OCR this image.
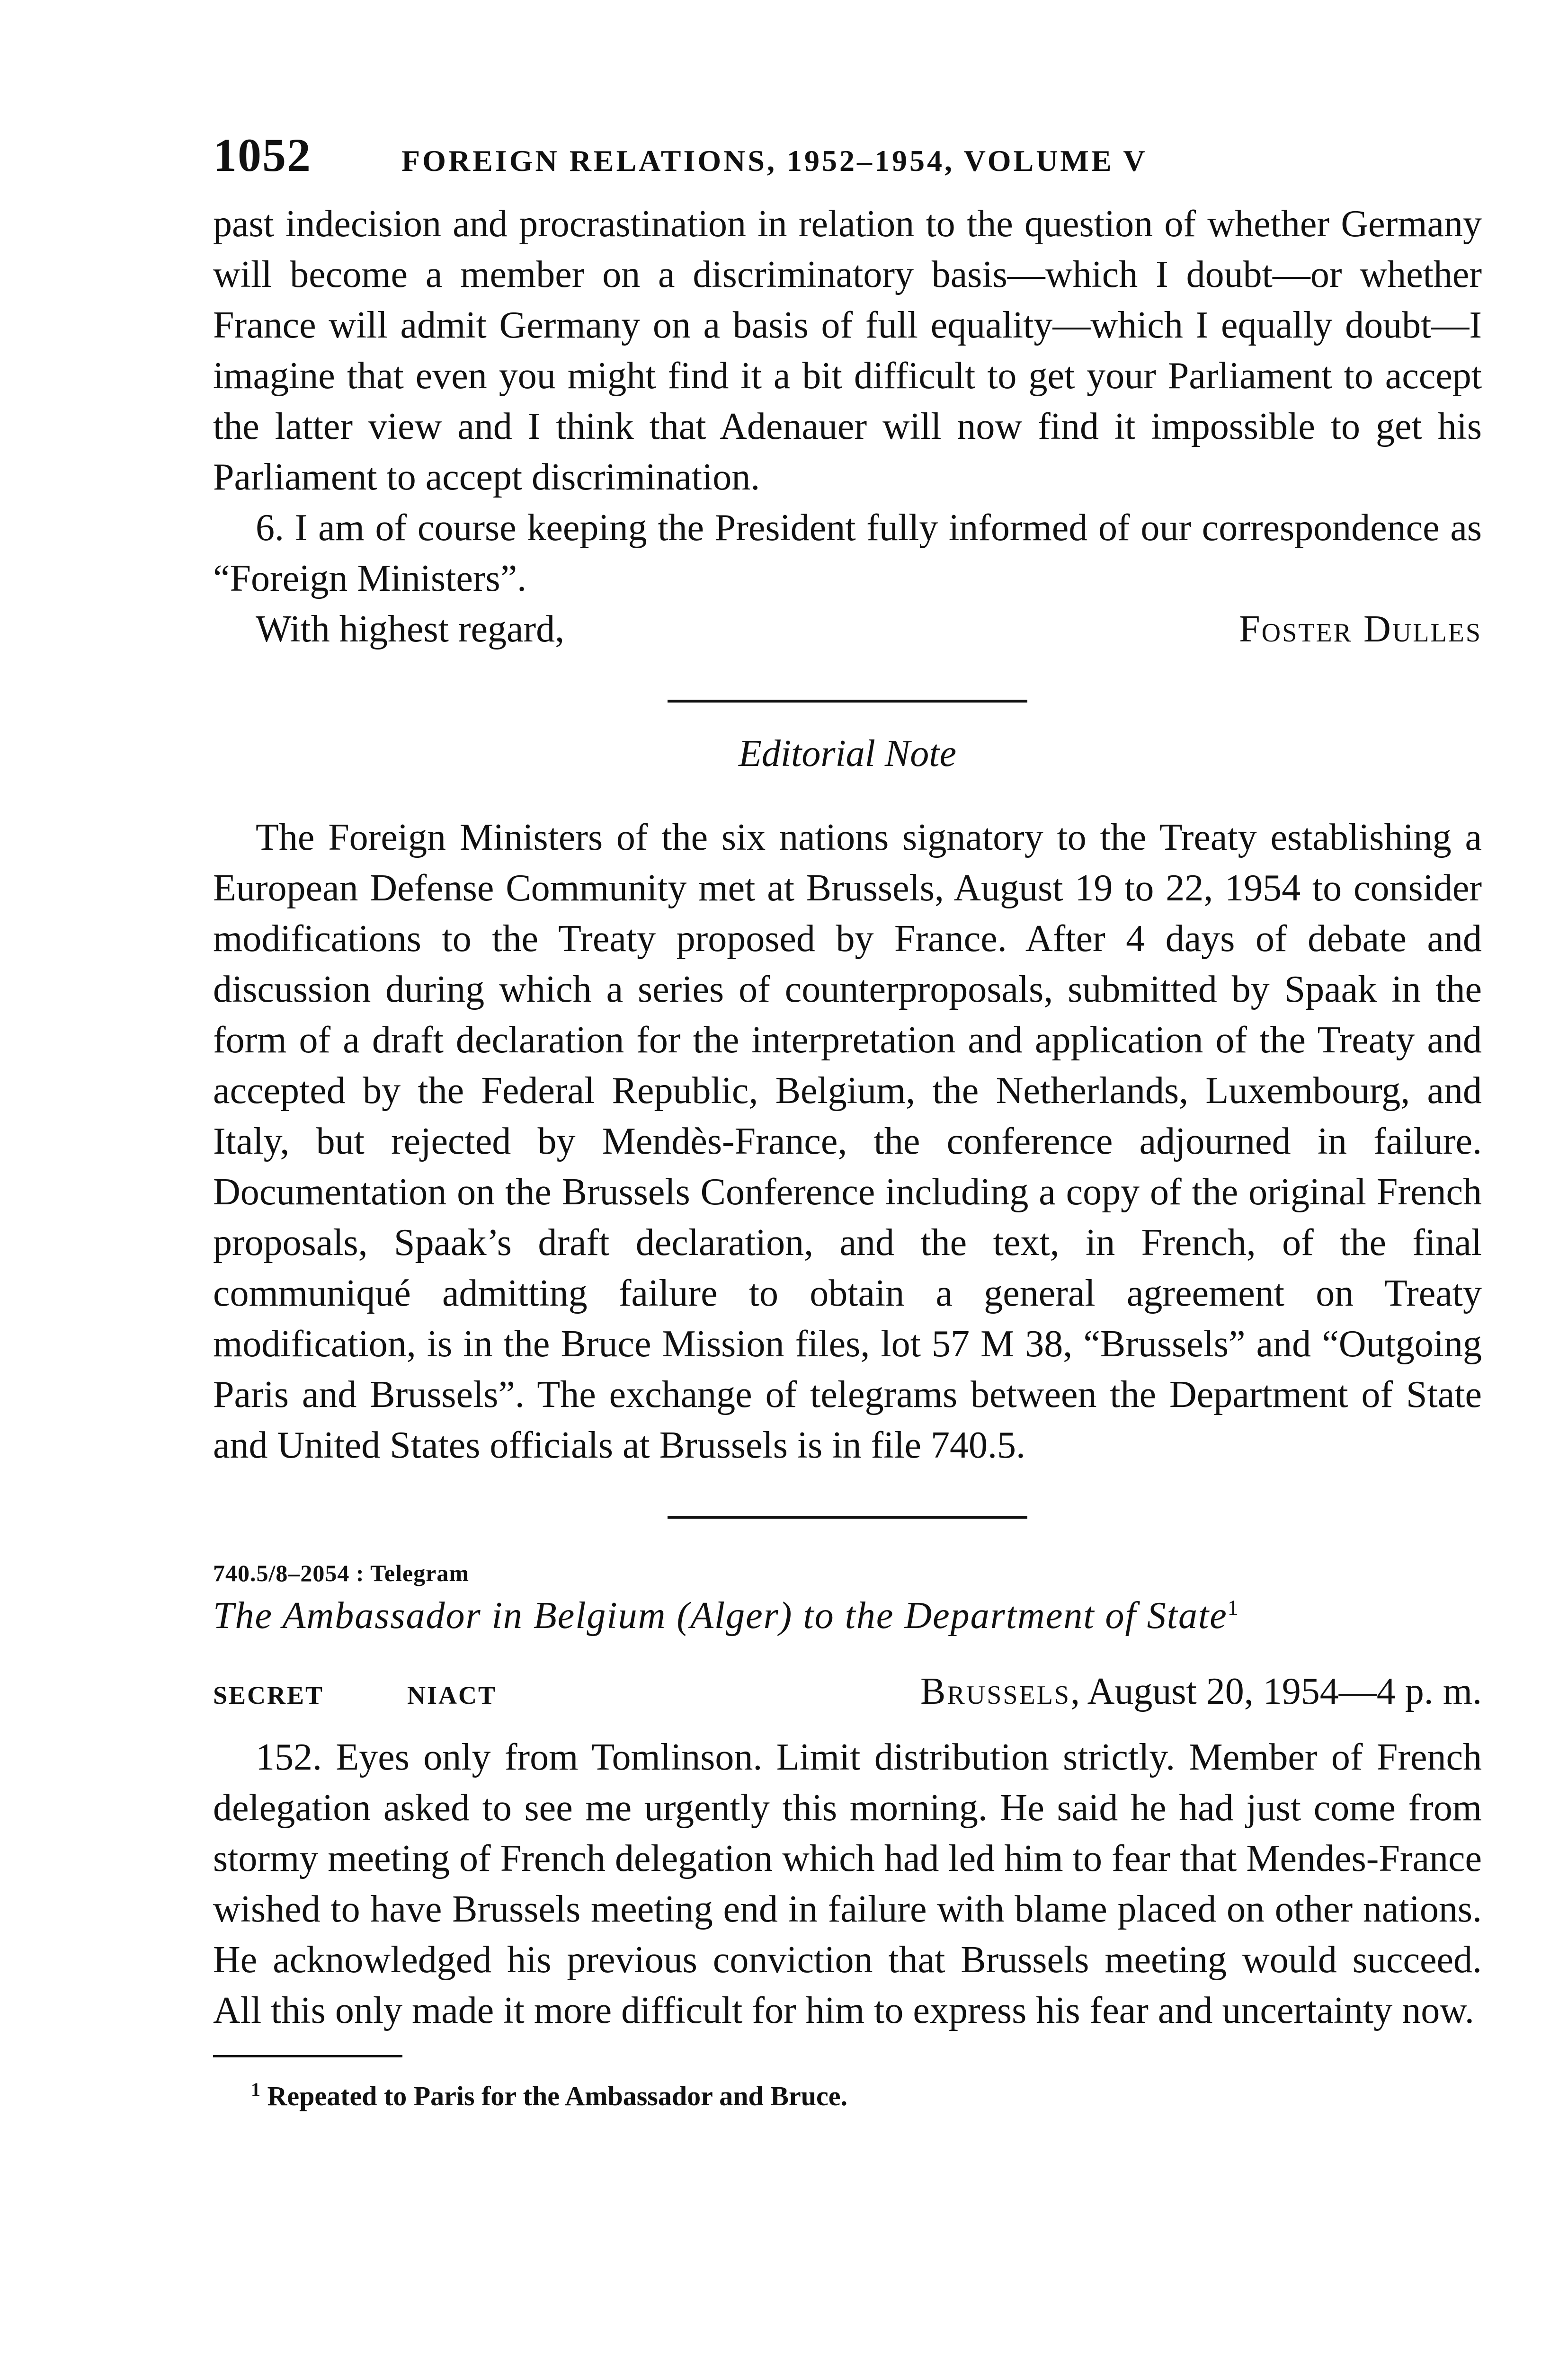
1052	FOREIGN RELATIONS, 1952–1954, VOLUME V

past indecision and procrastination in relation to the question of whether Germany will become a member on a discriminatory basis—which I doubt—or whether France will admit Germany on a basis of full equality—which I equally doubt—I imagine that even you might find it a bit difficult to get your Parliament to accept the latter view and I think that Adenauer will now find it impossible to get his Parliament to accept discrimination.

6. I am of course keeping the President fully informed of our correspondence as “Foreign Ministers”.

With highest regard,	Foster Dulles
Editorial Note

The Foreign Ministers of the six nations signatory to the Treaty establishing a European Defense Community met at Brussels, August 19 to 22, 1954 to consider modifications to the Treaty proposed by France. After 4 days of debate and discussion during which a series of counterproposals, submitted by Spaak in the form of a draft declaration for the interpretation and application of the Treaty and accepted by the Federal Republic, Belgium, the Netherlands, Luxembourg, and Italy, but rejected by Mendès-France, the conference adjourned in failure. Documentation on the Brussels Conference including a copy of the original French proposals, Spaak’s draft declaration, and the text, in French, of the final communiqué admitting failure to obtain a general agreement on Treaty modification, is in the Bruce Mission files, lot 57 M 38, “Brussels” and “Outgoing Paris and Brussels”. The exchange of telegrams between the Department of State and United States officials at Brussels is in file 740.5.

740.5/8–2054 : Telegram
The Ambassador in Belgium (Alger) to the Department of State$^1$
SECRET	NIACT	Brussels, August 20, 1954—4 p. m.

152. Eyes only from Tomlinson. Limit distribution strictly. Member of French delegation asked to see me urgently this morning. He said he had just come from stormy meeting of French delegation which had led him to fear that Mendes-France wished to have Brussels meeting end in failure with blame placed on other nations. He acknowledged his previous conviction that Brussels meeting would succeed. All this only made it more difficult for him to express his fear and uncertainty now.

$^1$ Repeated to Paris for the Ambassador and Bruce.
